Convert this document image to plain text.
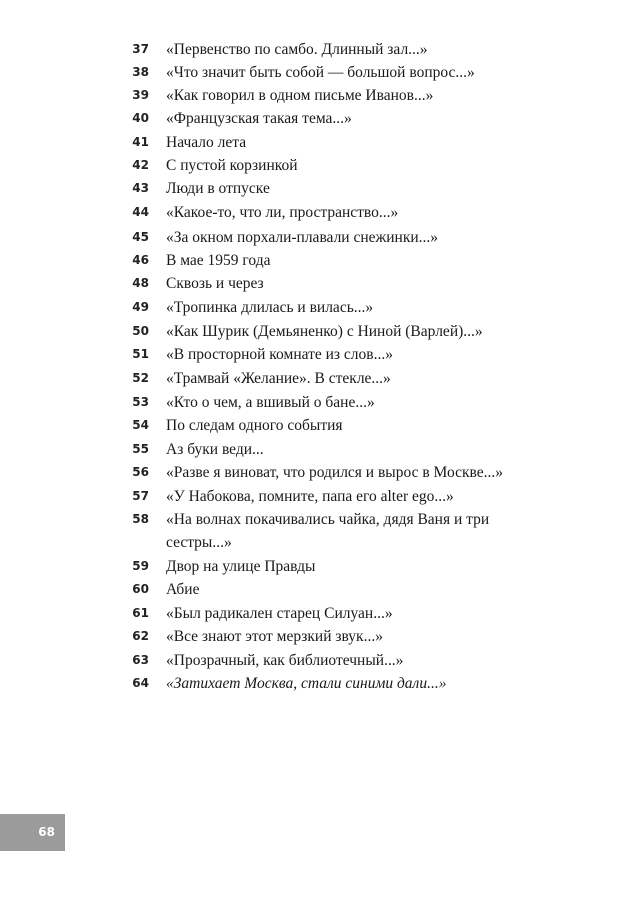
37 «Первенство по самбо. Длинный зал...»
38 «Что значит быть собой — большой вопрос...»
39 «Как говорил в одном письме Иванов...»
40 «Французская такая тема...»
41 Начало лета
42 С пустой корзинкой
43 Люди в отпуске
44 «Какое-то, что ли, пространство...»
45 «За окном порхали-плавали снежинки...»
46 В мае 1959 года
48 Сквозь и через
49 «Тропинка длилась и вилась...»
50 «Как Шурик (Демьяненко) с Ниной (Варлей)...»
51 «В просторной комнате из слов...»
52 «Трамвай «Желание». В стекле...»
53 «Кто о чем, а вшивый о бане...»
54 По следам одного события
55 Аз буки веди...
56 «Разве я виноват, что родился и вырос в Москве...»
57 «У Набокова, помните, папа его alter ego...»
58 «На волнах покачивались чайка, дядя Ваня и три сестры...»
59 Двор на улице Правды
60 Абие
61 «Был радикален старец Силуан...»
62 «Все знают этот мерзкий звук...»
63 «Прозрачный, как библиотечный...»
64 «Затихает Москва, стали синими дали...»
68
